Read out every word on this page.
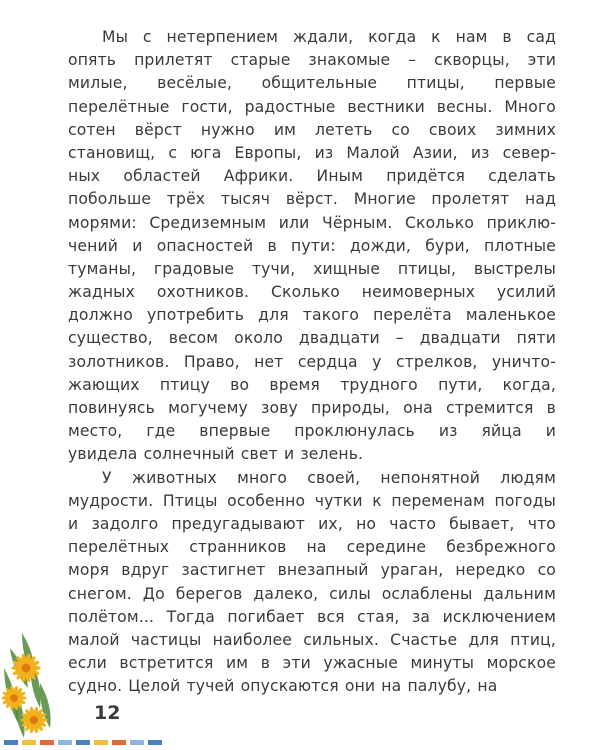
Мы с нетерпением ждали, когда к нам в сад
опять прилетят старые знакомые – скворцы, эти
милые, весёлые, общительные птицы, первые
перелётные гости, радостные вестники весны. Много
сотен вёрст нужно им лететь со своих зимних
становищ, с юга Европы, из Малой Азии, из север-
ных областей Африки. Иным придётся сделать
побольше трёх тысяч вёрст. Многие пролетят над
морями: Средиземным или Чёрным. Сколько приклю-
чений и опасностей в пути: дожди, бури, плотные
туманы, градовые тучи, хищные птицы, выстрелы
жадных охотников. Сколько неимоверных усилий
должно употребить для такого перелёта маленькое
существо, весом около двадцати – двадцати пяти
золотников. Право, нет сердца у стрелков, уничто-
жающих птицу во время трудного пути, когда,
повинуясь могучему зову природы, она стремится в
место, где впервые проклюнулась из яйца и
увидела солнечный свет и зелень.
У животных много своей, непонятной людям
мудрости. Птицы особенно чутки к переменам погоды
и задолго предугадывают их, но часто бывает, что
перелётных странников на середине безбрежного
моря вдруг застигнет внезапный ураган, нередко со
снегом. До берегов далеко, силы ослаблены дальним
полётом... Тогда погибает вся стая, за исключением
малой частицы наиболее сильных. Счастье для птиц,
если встретится им в эти ужасные минуты морское
судно. Целой тучей опускаются они на палубу, на
12
